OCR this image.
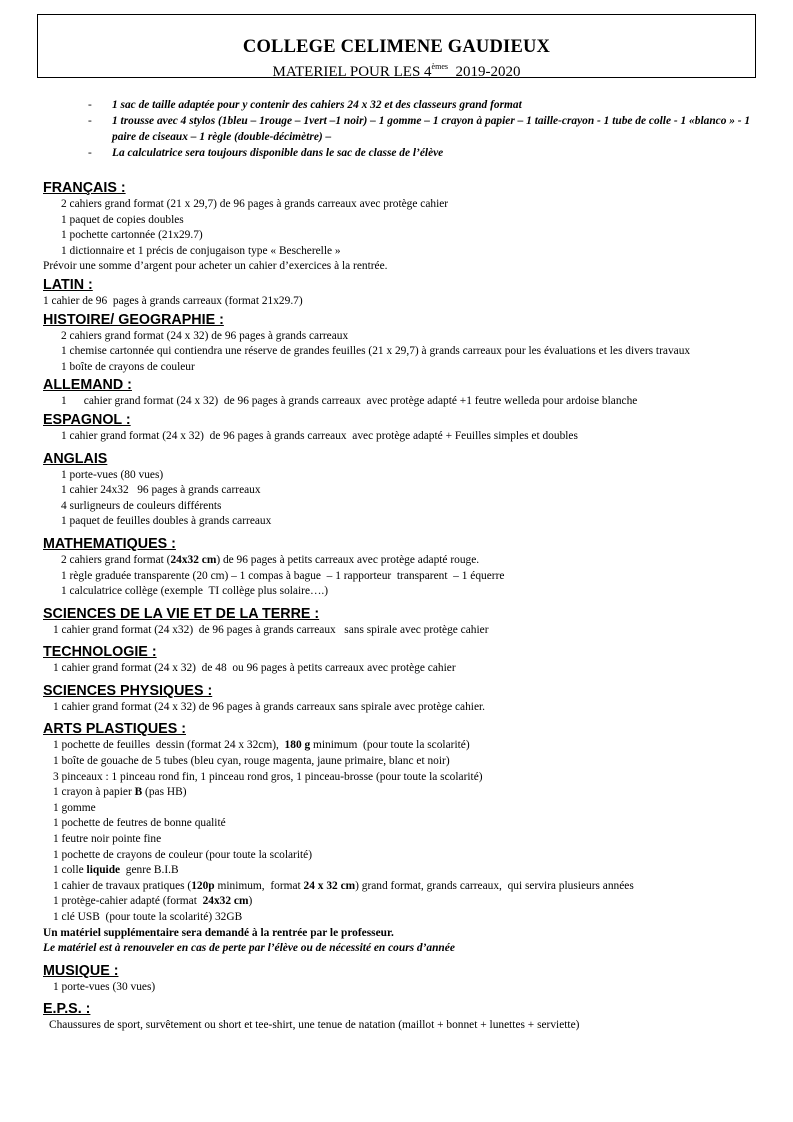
COLLEGE CELIMENE GAUDIEUX
MATERIEL POUR LES 4èmes 2019-2020
- 1 sac de taille adaptée pour y contenir des cahiers 24 x 32 et des classeurs grand format
- 1 trousse avec 4 stylos (1bleu – 1rouge – 1vert –1 noir) – 1 gomme – 1 crayon à papier – 1 taille-crayon - 1 tube de colle - 1 «blanco » - 1 paire de ciseaux – 1 règle (double-décimètre) –
- La calculatrice sera toujours disponible dans le sac de classe de l’élève
FRANÇAIS :
2 cahiers grand format (21 x 29,7) de 96 pages à grands carreaux avec protège cahier
1 paquet de copies doubles
1 pochette cartonnée (21x29.7)
1 dictionnaire et 1 précis de conjugaison type « Bescherelle »
Prévoir une somme d’argent pour acheter un cahier d’exercices à la rentrée.
LATIN :
1 cahier de 96  pages à grands carreaux (format 21x29.7)
HISTOIRE/ GEOGRAPHIE :
2 cahiers grand format (24 x 32) de 96 pages à grands carreaux
1 chemise cartonnée qui contiendra une réserve de grandes feuilles (21 x 29,7) à grands carreaux pour les évaluations et les divers travaux
1 boîte de crayons de couleur
ALLEMAND :
1      cahier grand format (24 x 32)  de 96 pages à grands carreaux  avec protège adapté +1 feutre welleda pour ardoise blanche
ESPAGNOL :
1 cahier grand format (24 x 32)  de 96 pages à grands carreaux  avec protège adapté + Feuilles simples et doubles
ANGLAIS
1 porte-vues (80 vues)
1 cahier 24x32   96 pages à grands carreaux
4 surligneurs de couleurs différents
1 paquet de feuilles doubles à grands carreaux
MATHEMATIQUES :
2 cahiers grand format (24x32 cm) de 96 pages à petits carreaux avec protège adapté rouge.
1 règle graduée transparente (20 cm) – 1 compas à bague  – 1 rapporteur  transparent  – 1 équerre
1 calculatrice collège (exemple  TI collège plus solaire….)
SCIENCES DE LA VIE ET DE LA TERRE :
1 cahier grand format (24 x32)  de 96 pages à grands carreaux   sans spirale avec protège cahier
TECHNOLOGIE :
1 cahier grand format (24 x 32)  de 48  ou 96 pages à petits carreaux avec protège cahier
SCIENCES PHYSIQUES :
1 cahier grand format (24 x 32) de 96 pages à grands carreaux sans spirale avec protège cahier.
ARTS PLASTIQUES :
1 pochette de feuilles  dessin (format 24 x 32cm),  180 g minimum  (pour toute la scolarité)
1 boîte de gouache de 5 tubes (bleu cyan, rouge magenta, jaune primaire, blanc et noir)
3 pinceaux : 1 pinceau rond fin, 1 pinceau rond gros, 1 pinceau-brosse (pour toute la scolarité)
1 crayon à papier B (pas HB)
1 gomme
1 pochette de feutres de bonne qualité
1 feutre noir pointe fine
1 pochette de crayons de couleur (pour toute la scolarité)
1 colle liquide  genre B.I.B
1 cahier de travaux pratiques (120p minimum,  format 24 x 32 cm) grand format, grands carreaux,  qui servira plusieurs années
1 protège-cahier adapté (format  24x32 cm)
1 clé USB  (pour toute la scolarité) 32GB
Un matériel supplémentaire sera demandé à la rentrée par le professeur.
Le matériel est à renouveler en cas de perte par l’élève ou de nécessité en cours d’année
MUSIQUE :
1 porte-vues (30 vues)
E.P.S. :
Chaussures de sport, survêtement ou short et tee-shirt, une tenue de natation (maillot + bonnet + lunettes + serviette)
